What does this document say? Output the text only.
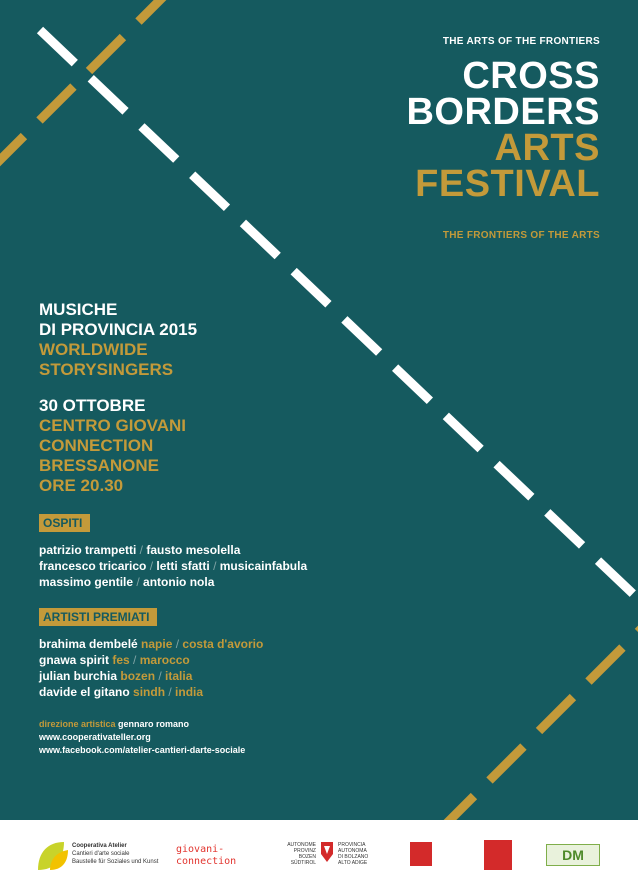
THE ARTS OF THE FRONTIERS
CROSS
BORDERS
ARTS
FESTIVAL
THE FRONTIERS OF THE ARTS
MUSICHE
DI PROVINCIA 2015
WORLDWIDE
STORYSINGERS
30 OTTOBRE
CENTRO GIOVANI
CONNECTION
BRESSANONE
ORE 20.30
OSPITI
patrizio trampetti / fausto mesolella
francesco tricarico / letti sfatti / musicainfabula
massimo gentile / antonio nola
ARTISTI PREMIATI
brahima dembelé napie / costa d'avorio
gnawa spirit fes / marocco
julian burchia bozen / italia
davide el gitano sindh / india
direzione artistica gennaro romano
www.cooperativateller.org
www.facebook.com/atelier-cantieri-darte-sociale
Cooperativa Atelier
Cantieri d'arte sociale
Baustelle für Soziales und Kunst
giovani-
connection
AUTONOME
PROVINZ
BOZEN
SÜDTIROL
PROVINCIA
AUTONOMA
DI BOLZANO
ALTO ADIGE	DM
